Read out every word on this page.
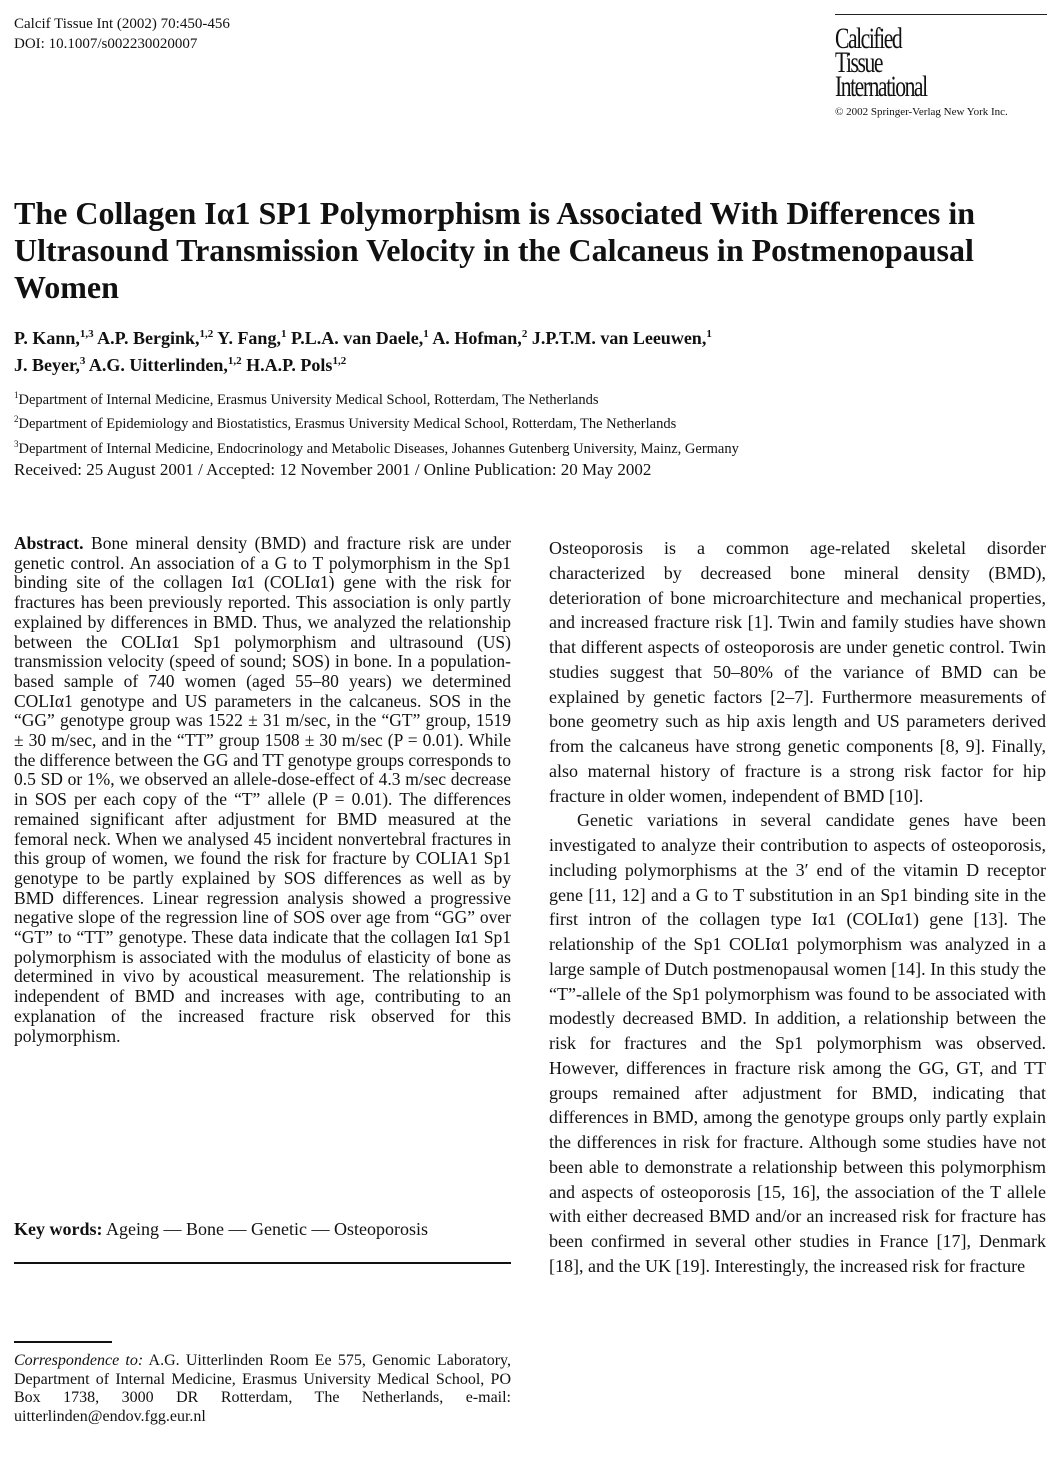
Calcif Tissue Int (2002) 70:450-456
DOI: 10.1007/s002230020007	Calcified
Tissue
International
© 2002 Springer-Verlag New York Inc.
The Collagen Iα1 SP1 Polymorphism is Associated With Differences in Ultrasound Transmission Velocity in the Calcaneus in Postmenopausal Women
P. Kann,$^{1,3}$ A.P. Bergink,$^{1,2}$ Y. Fang,$^1$ P.L.A. van Daele,$^1$ A. Hofman,$^2$ J.P.T.M. van Leeuwen,$^1$
J. Beyer,$^3$ A.G. Uitterlinden,$^{1,2}$ H.A.P. Pols$^{1,2}$
$^1$Department of Internal Medicine, Erasmus University Medical School, Rotterdam, The Netherlands
$^2$Department of Epidemiology and Biostatistics, Erasmus University Medical School, Rotterdam, The Netherlands
$^3$Department of Internal Medicine, Endocrinology and Metabolic Diseases, Johannes Gutenberg University, Mainz, Germany
Received: 25 August 2001 / Accepted: 12 November 2001 / Online Publication: 20 May 2002
Abstract. Bone mineral density (BMD) and fracture risk are under genetic control. An association of a G to T polymorphism in the Sp1 binding site of the collagen Iα1 (COLIα1) gene with the risk for fractures has been previously reported. This association is only partly explained by differences in BMD. Thus, we analyzed the relationship between the COLIα1 Sp1 polymorphism and ultrasound (US) transmission velocity (speed of sound; SOS) in bone. In a population-based sample of 740 women (aged 55–80 years) we determined COLIα1 genotype and US parameters in the calcaneus. SOS in the “GG” genotype group was 1522 ± 31 m/sec, in the “GT” group, 1519 ± 30 m/sec, and in the “TT” group 1508 ± 30 m/sec (P = 0.01). While the difference between the GG and TT genotype groups corresponds to 0.5 SD or 1%, we observed an allele-dose-effect of 4.3 m/sec decrease in SOS per each copy of the “T” allele (P = 0.01). The differences remained significant after adjustment for BMD measured at the femoral neck. When we analysed 45 incident nonvertebral fractures in this group of women, we found the risk for fracture by COLIA1 Sp1 genotype to be partly explained by SOS differences as well as by BMD differences. Linear regression analysis showed a progressive negative slope of the regression line of SOS over age from “GG” over “GT” to “TT” genotype. These data indicate that the collagen Iα1 Sp1 polymorphism is associated with the modulus of elasticity of bone as determined in vivo by acoustical measurement. The relationship is independent of BMD and increases with age, contributing to an explanation of the increased fracture risk observed for this polymorphism.
Key words: Ageing — Bone — Genetic — Osteoporosis
Correspondence to: A.G. Uitterlinden Room Ee 575, Genomic Laboratory, Department of Internal Medicine, Erasmus University Medical School, PO Box 1738, 3000 DR Rotterdam, The Netherlands, e-mail: uitterlinden@endov.fgg.eur.nl

Osteoporosis is a common age-related skeletal disorder characterized by decreased bone mineral density (BMD), deterioration of bone microarchitecture and mechanical properties, and increased fracture risk [1]. Twin and family studies have shown that different aspects of osteoporosis are under genetic control. Twin studies suggest that 50–80% of the variance of BMD can be explained by genetic factors [2–7]. Furthermore measurements of bone geometry such as hip axis length and US parameters derived from the calcaneus have strong genetic components [8, 9]. Finally, also maternal history of fracture is a strong risk factor for hip fracture in older women, independent of BMD [10].

Genetic variations in several candidate genes have been investigated to analyze their contribution to aspects of osteoporosis, including polymorphisms at the 3′ end of the vitamin D receptor gene [11, 12] and a G to T substitution in an Sp1 binding site in the first intron of the collagen type Iα1 (COLIα1) gene [13]. The relationship of the Sp1 COLIα1 polymorphism was analyzed in a large sample of Dutch postmenopausal women [14]. In this study the “T”-allele of the Sp1 polymorphism was found to be associated with modestly decreased BMD. In addition, a relationship between the risk for fractures and the Sp1 polymorphism was observed. However, differences in fracture risk among the GG, GT, and TT groups remained after adjustment for BMD, indicating that differences in BMD, among the genotype groups only partly explain the differences in risk for fracture. Although some studies have not been able to demonstrate a relationship between this polymorphism and aspects of osteoporosis [15, 16], the association of the T allele with either decreased BMD and/or an increased risk for fracture has been confirmed in several other studies in France [17], Denmark [18], and the UK [19]. Interestingly, the increased risk for fracture
